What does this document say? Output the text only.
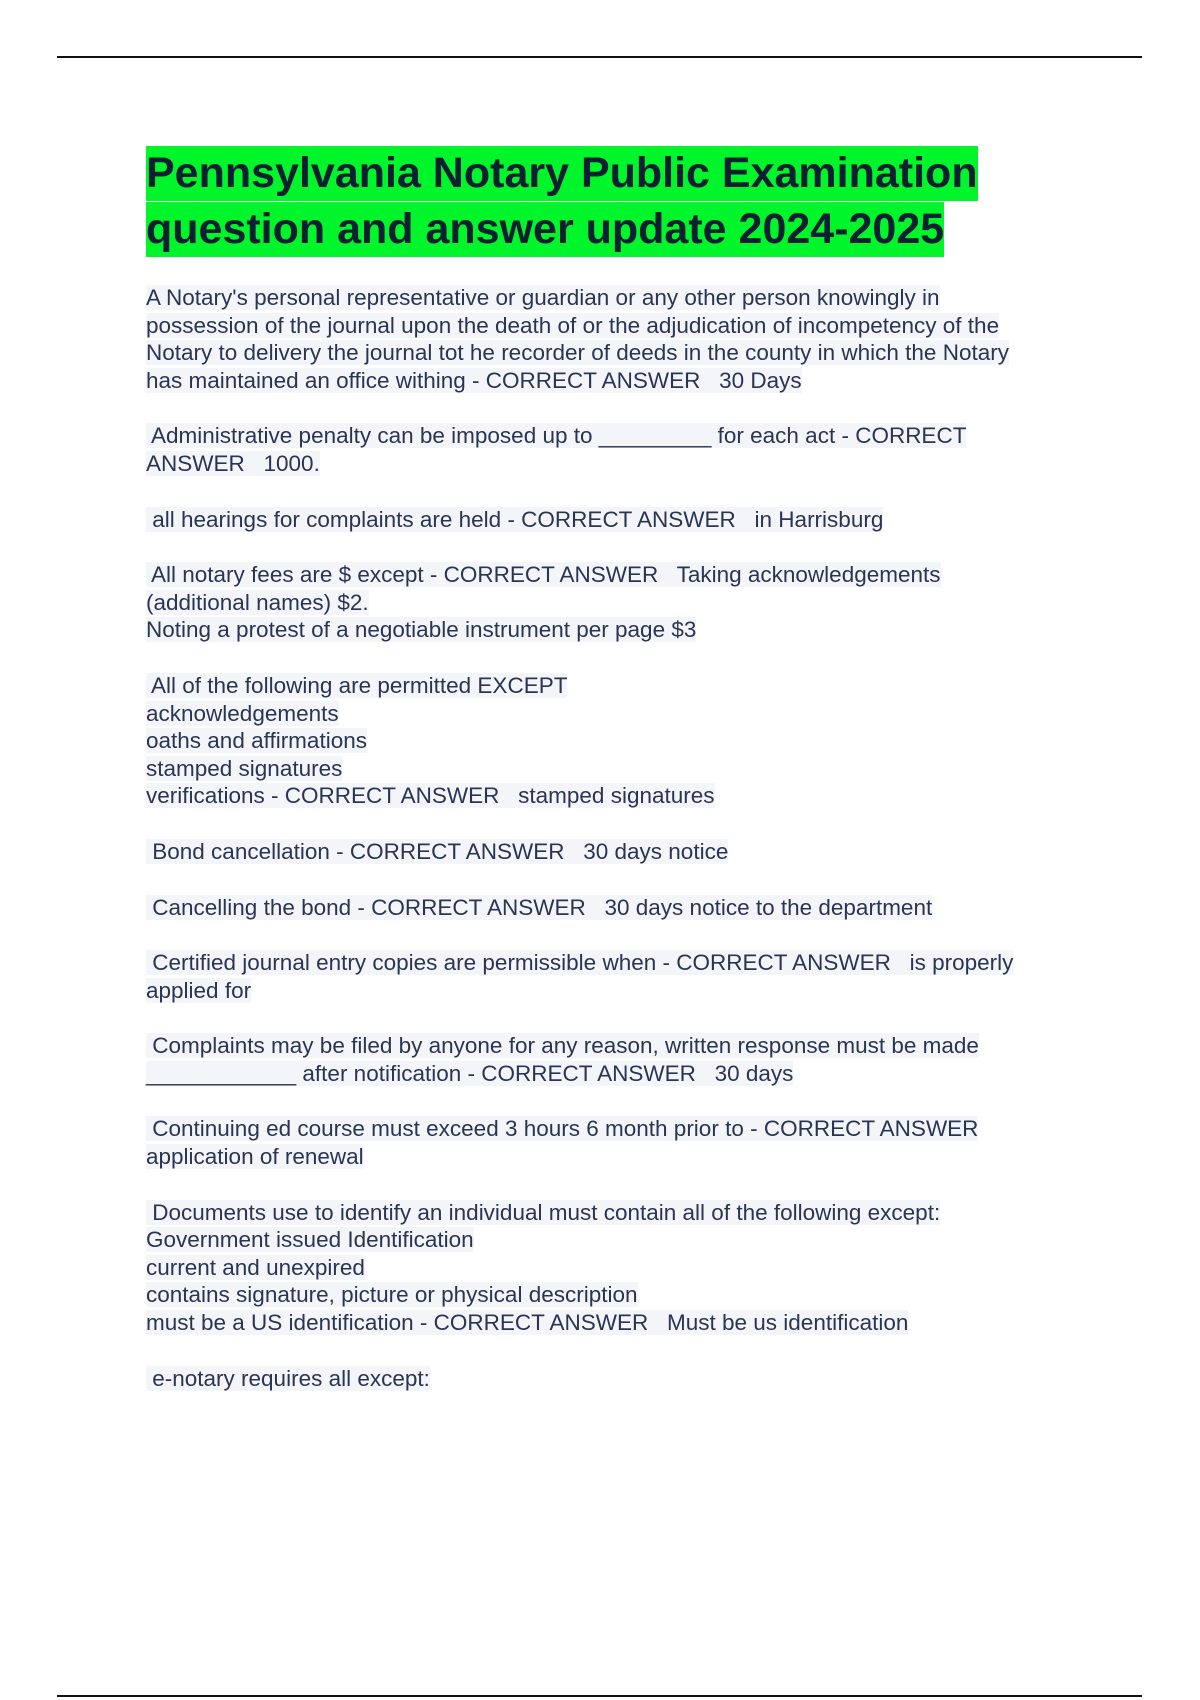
Pennsylvania Notary Public Examination
question and answer update 2024-2025
A Notary's personal representative or guardian or any other person knowingly in
possession of the journal upon the death of or the adjudication of incompetency of the
Notary to delivery the journal tot he recorder of deeds in the county in which the Notary
has maintained an office withing - CORRECT ANSWER   30 Days
Administrative penalty can be imposed up to _________ for each act - CORRECT
ANSWER   1000.
all hearings for complaints are held - CORRECT ANSWER   in Harrisburg
All notary fees are $ except - CORRECT ANSWER   Taking acknowledgements
(additional names) $2.
Noting a protest of a negotiable instrument per page $3
All of the following are permitted EXCEPT
acknowledgements
oaths and affirmations
stamped signatures
verifications - CORRECT ANSWER   stamped signatures
Bond cancellation - CORRECT ANSWER   30 days notice
Cancelling the bond - CORRECT ANSWER   30 days notice to the department
Certified journal entry copies are permissible when - CORRECT ANSWER   is properly
applied for
Complaints may be filed by anyone for any reason, written response must be made
____________ after notification - CORRECT ANSWER   30 days
Continuing ed course must exceed 3 hours 6 month prior to - CORRECT ANSWER
application of renewal
Documents use to identify an individual must contain all of the following except:
Government issued Identification
current and unexpired
contains signature, picture or physical description
must be a US identification - CORRECT ANSWER   Must be us identification
e-notary requires all except:
